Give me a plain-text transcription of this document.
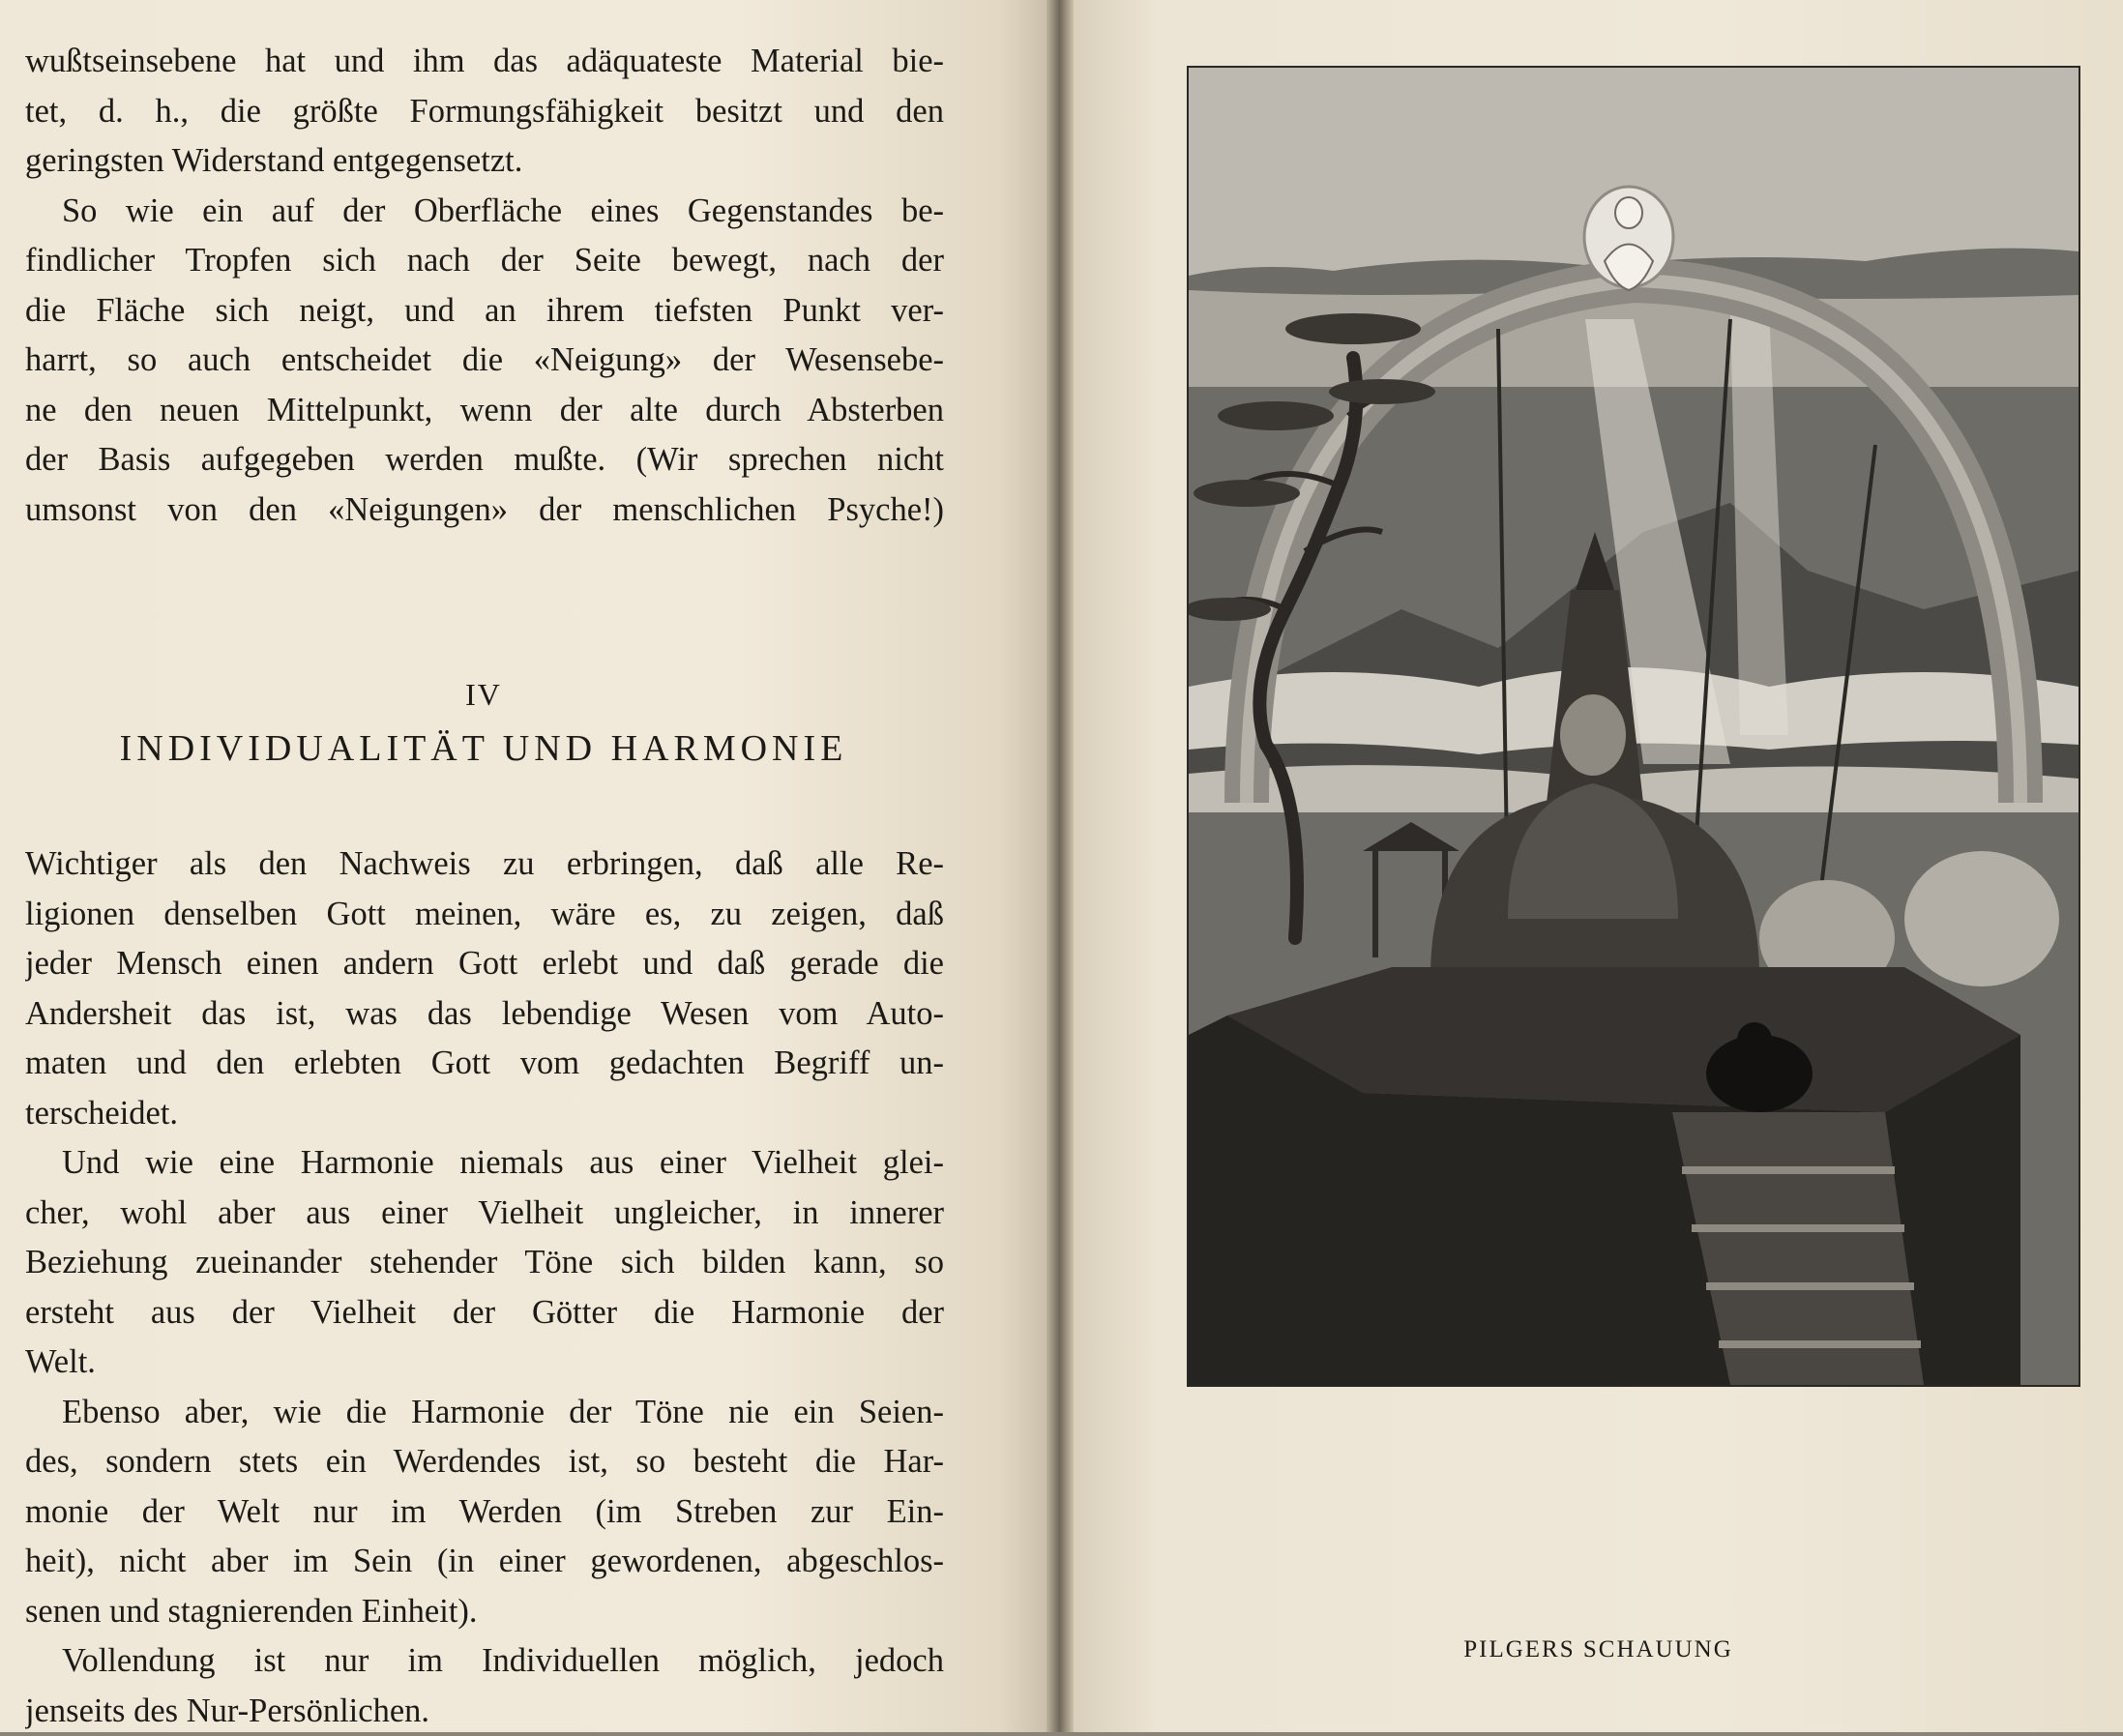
wußtseinsebene hat und ihm das adäquateste Material bie-
tet, d. h., die größte Formungsfähigkeit besitzt und den
geringsten Widerstand entgegensetzt.
So wie ein auf der Oberfläche eines Gegenstandes be-
findlicher Tropfen sich nach der Seite bewegt, nach der
die Fläche sich neigt, und an ihrem tiefsten Punkt ver-
harrt, so auch entscheidet die «Neigung» der Wesensebe-
ne den neuen Mittelpunkt, wenn der alte durch Absterben
der Basis aufgegeben werden mußte. (Wir sprechen nicht
umsonst von den «Neigungen» der menschlichen Psyche!)
IV
INDIVIDUALITÄT UND HARMONIE
Wichtiger als den Nachweis zu erbringen, daß alle Re-
ligionen denselben Gott meinen, wäre es, zu zeigen, daß
jeder Mensch einen andern Gott erlebt und daß gerade die
Andersheit das ist, was das lebendige Wesen vom Auto-
maten und den erlebten Gott vom gedachten Begriff un-
terscheidet.
Und wie eine Harmonie niemals aus einer Vielheit glei-
cher, wohl aber aus einer Vielheit ungleicher, in innerer
Beziehung zueinander stehender Töne sich bilden kann, so
ersteht aus der Vielheit der Götter die Harmonie der
Welt.
Ebenso aber, wie die Harmonie der Töne nie ein Seien-
des, sondern stets ein Werdendes ist, so besteht die Har-
monie der Welt nur im Werden (im Streben zur Ein-
heit), nicht aber im Sein (in einer gewordenen, abgeschlos-
senen und stagnierenden Einheit).
Vollendung ist nur im Individuellen möglich, jedoch
jenseits des Nur-Persönlichen.
PILGERS SCHAUUNG
